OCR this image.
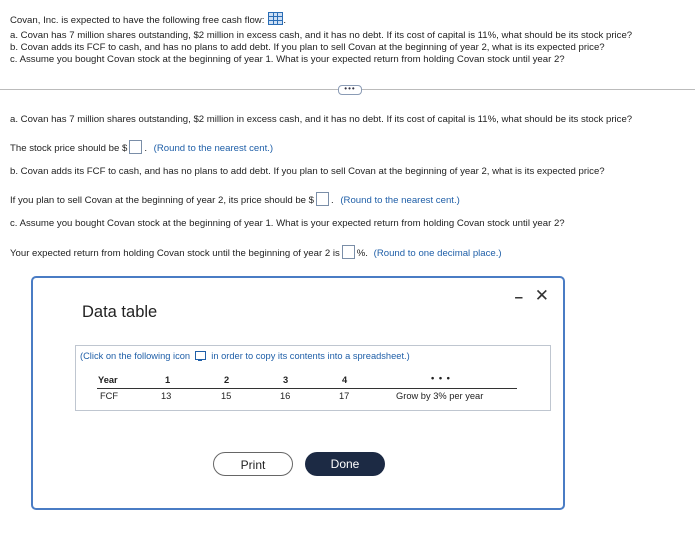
Covan, Inc. is expected to have the following free cash flow: .
a. Covan has 7 million shares outstanding, $2 million in excess cash, and it has no debt. If its cost of capital is 11%, what should be its stock price?
b. Covan adds its FCF to cash, and has no plans to add debt. If you plan to sell Covan at the beginning of year 2, what is its expected price?
c. Assume you bought Covan stock at the beginning of year 1. What is your expected return from holding Covan stock until year 2?
•••
a. Covan has 7 million shares outstanding, $2 million in excess cash, and it has no debt. If its cost of capital is 11%, what should be its stock price?
The stock price should be $ . (Round to the nearest cent.)
b. Covan adds its FCF to cash, and has no plans to add debt. If you plan to sell Covan at the beginning of year 2, what is its expected price?
If you plan to sell Covan at the beginning of year 2, its price should be $ . (Round to the nearest cent.)
c. Assume you bought Covan stock at the beginning of year 1. What is your expected return from holding Covan stock until year 2?
Your expected return from holding Covan stock until the beginning of year 2 is %. (Round to one decimal place.)
Data table
– ✕
(Click on the following icon in order to copy its contents into a spreadsheet.)
Year	1	2	3	4	• • •
FCF	13	15	16	17	Grow by 3% per year
Print	Done
